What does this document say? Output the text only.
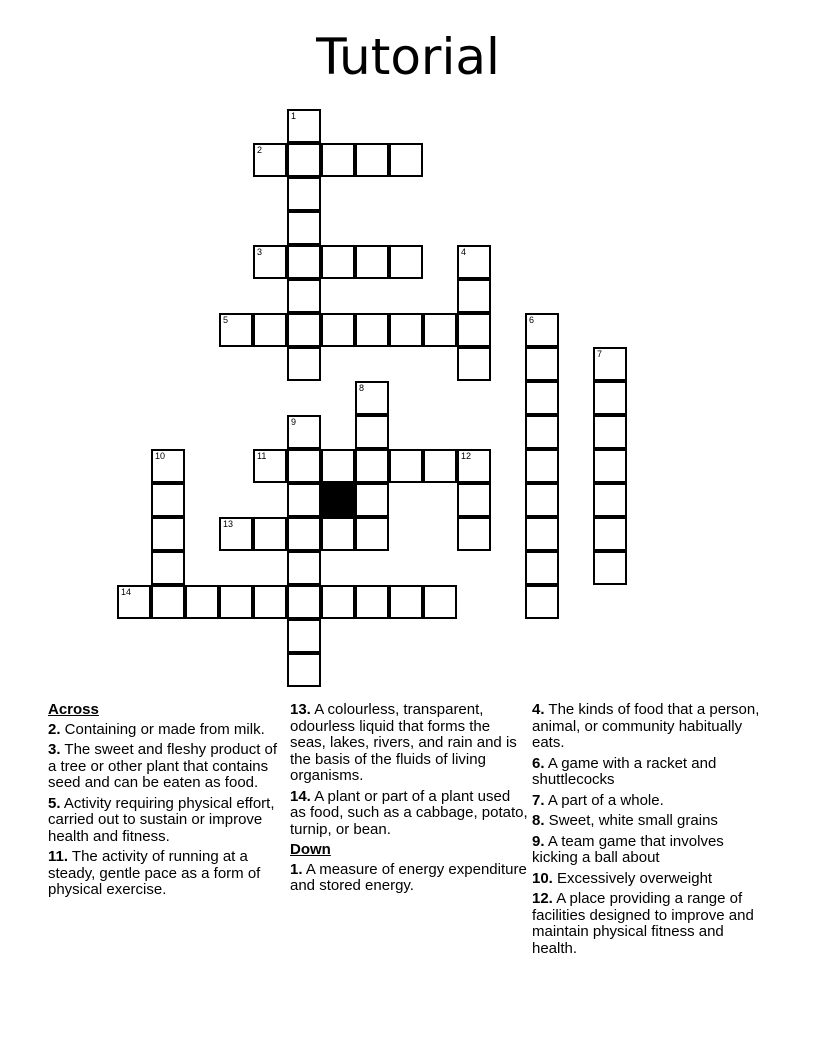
Tutorial
1
2
3	4
5	6
7
8
9
10	11	12
13
14
Across
2. Containing or made from milk.
3. The sweet and fleshy product of a tree or other plant that contains seed and can be eaten as food.
5. Activity requiring physical effort, carried out to sustain or improve health and fitness.
11. The activity of running at a steady, gentle pace as a form of physical exercise.
13. A colourless, transparent, odourless liquid that forms the seas, lakes, rivers, and rain and is the basis of the fluids of living organisms.
14. A plant or part of a plant used as food, such as a cabbage, potato, turnip, or bean.
Down
1. A measure of energy expenditure and stored energy.
4. The kinds of food that a person, animal, or community habitually eats.
6. A game with a racket and shuttlecocks
7. A part of a whole.
8. Sweet, white small grains
9. A team game that involves kicking a ball about
10. Excessively overweight
12. A place providing a range of facilities designed to improve and maintain physical fitness and health.
